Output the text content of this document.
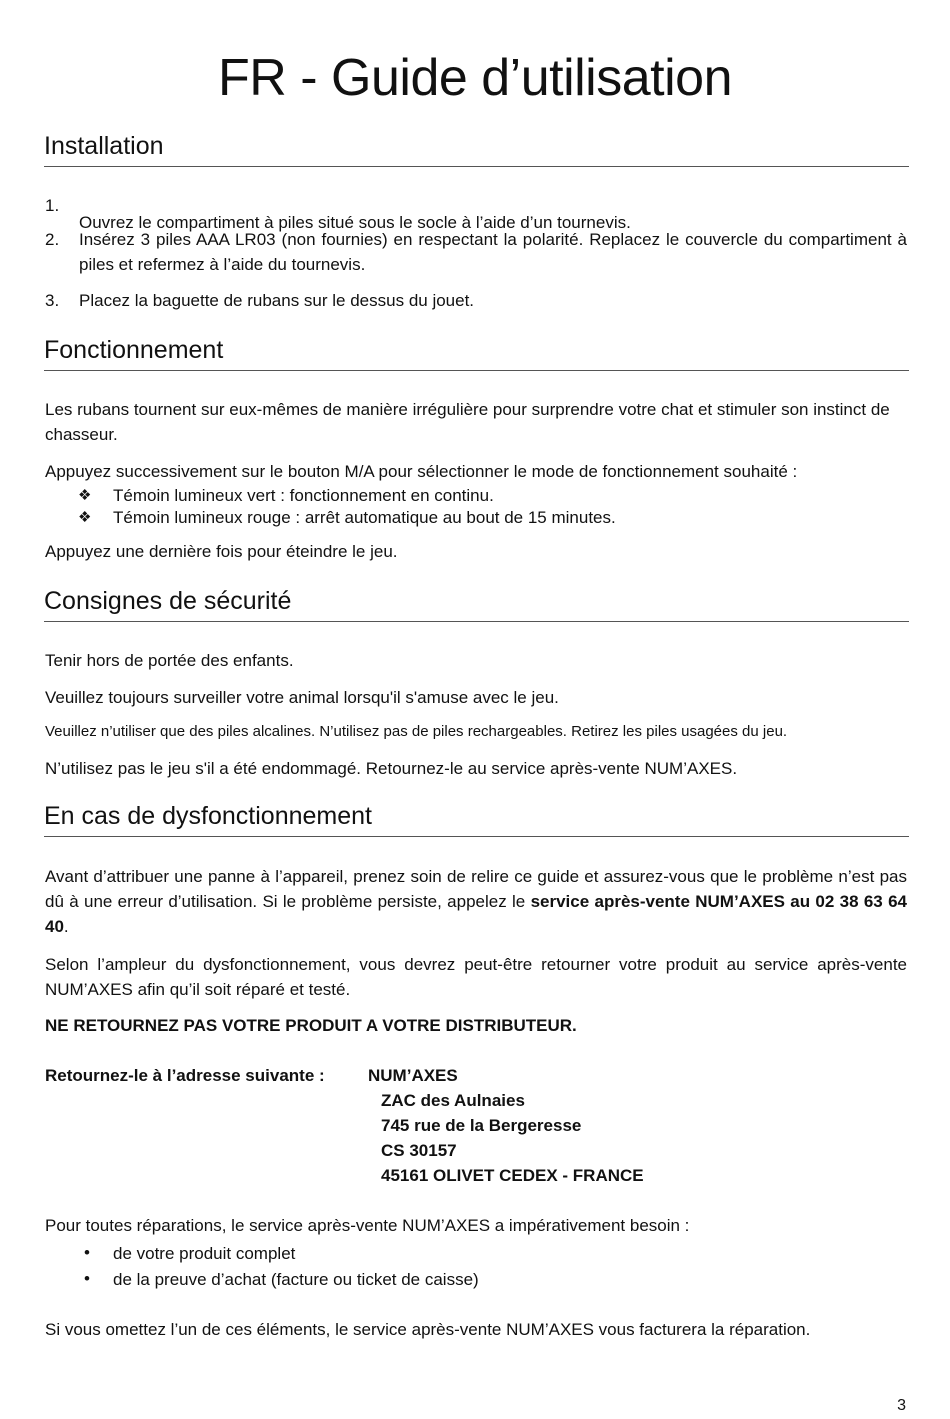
FR - Guide d’utilisation
Installation
1.

Ouvrez le compartiment à piles situé sous le socle à l’aide d’un tournevis.

2. Insérez 3 piles AAA LR03 (non fournies) en respectant la polarité. Replacez le couvercle du compartiment à piles et refermez à l’aide du tournevis.

3. Placez la baguette de rubans sur le dessus du jouet.

Fonctionnement

Les rubans tournent sur eux-mêmes de manière irrégulière pour surprendre votre chat et stimuler son instinct de chasseur.

Appuyez successivement sur le bouton M/A pour sélectionner le mode de fonctionnement souhaité :

❖ Témoin lumineux vert : fonctionnement en continu.
❖ Témoin lumineux rouge : arrêt automatique au bout de 15 minutes.

Appuyez une dernière fois pour éteindre le jeu.

Consignes de sécurité

Tenir hors de portée des enfants.

Veuillez toujours surveiller votre animal lorsqu'il s'amuse avec le jeu.

Veuillez n’utiliser que des piles alcalines. N’utilisez pas de piles rechargeables. Retirez les piles usagées du jeu.

N’utilisez pas le jeu s'il a été endommagé. Retournez-le au service après-vente NUM’AXES.

En cas de dysfonctionnement

Avant d’attribuer une panne à l’appareil, prenez soin de relire ce guide et assurez-vous que le problème n’est pas dû à une erreur d’utilisation. Si le problème persiste, appelez le service après-vente NUM’AXES au 02 38 63 64 40.

Selon l’ampleur du dysfonctionnement, vous devrez peut-être retourner votre produit au service après-vente NUM’AXES afin qu’il soit réparé et testé.

NE RETOURNEZ PAS VOTRE PRODUIT A VOTRE DISTRIBUTEUR.

Retournez-le à l’adresse suivante :	NUM’AXES
ZAC des Aulnaies
745 rue de la Bergeresse
CS 30157
45161 OLIVET CEDEX - FRANCE

Pour toutes réparations, le service après-vente NUM’AXES a impérativement besoin :

• de votre produit complet
• de la preuve d’achat (facture ou ticket de caisse)

Si vous omettez l’un de ces éléments, le service après-vente NUM’AXES vous facturera la réparation.

3
